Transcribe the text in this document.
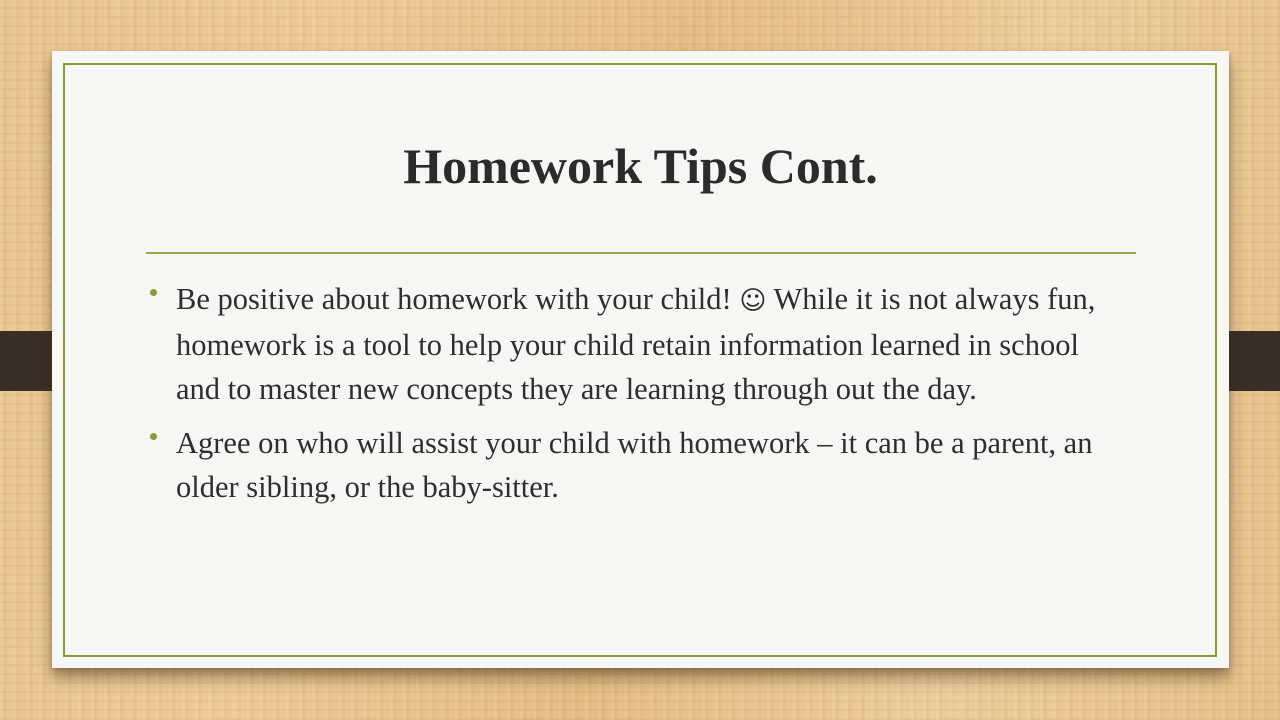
Homework Tips Cont.
Be positive about homework with your child! ☺ While it is not always fun, homework is a tool to help your child retain information learned in school and to master new concepts they are learning through out the day.
Agree on who will assist your child with homework – it can be a parent, an older sibling, or the baby-sitter.
